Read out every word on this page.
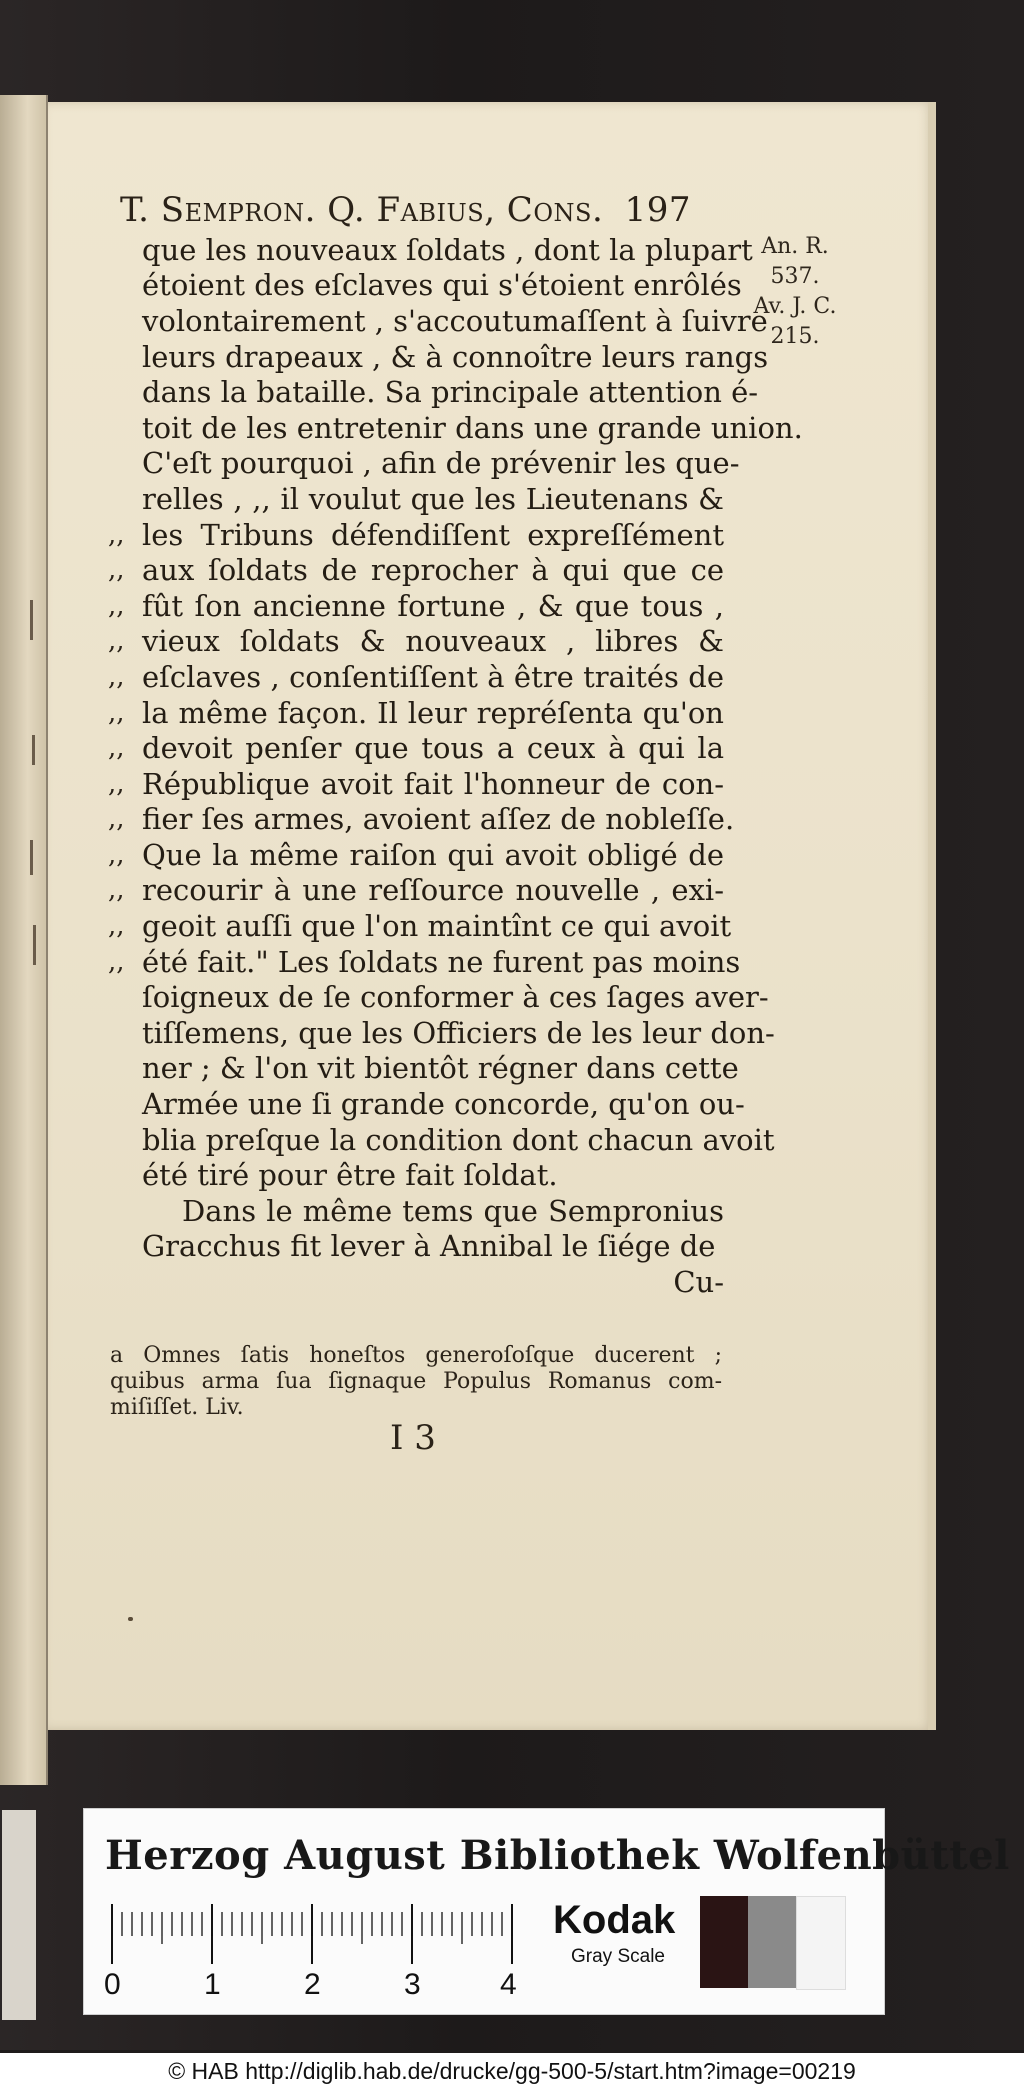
T. Sempron. Q. Fabius, Cons. 197
An. R.
537.
Av. J. C.
215.
que les nouveaux ſoldats , dont la plupart
étoient des eſclaves qui s'étoient enrôlés
volontairement , s'accoutumaſſent à ſuivre
leurs drapeaux , & à connoître leurs rangs
dans la bataille. Sa principale attention é-
toit de les entretenir dans une grande union.
C'eſt pourquoi , afin de prévenir les que-
relles , ,, il voulut que les Lieutenans &
,, les Tribuns défendiſſent expreſſément
,, aux ſoldats de reprocher à qui que ce
,, fût ſon ancienne fortune , & que tous ,
,, vieux ſoldats & nouveaux , libres &
,, eſclaves , conſentiſſent à être traités de
,, la même façon. Il leur repréſenta qu'on
,, devoit penſer que tous a ceux à qui la
,, République avoit fait l'honneur de con-
,, fier ſes armes, avoient aſſez de nobleſſe.
,, Que la même raiſon qui avoit obligé de
,, recourir à une reſſource nouvelle , exi-
,, geoit auſſi que l'on maintînt ce qui avoit
,, été fait." Les ſoldats ne furent pas moins
ſoigneux de ſe conformer à ces ſages aver-
tiſſemens, que les Officiers de les leur don-
ner ; & l'on vit bientôt régner dans cette
Armée une ſi grande concorde, qu'on ou-
blia preſque la condition dont chacun avoit
été tiré pour être fait ſoldat.
Dans le même tems que Sempronius
Gracchus fit lever à Annibal le ſiége de
Cu-
a Omnes ſatis honeſtos generoſoſque ducerent ;
quibus arma ſua ſignaque Populus Romanus com-
miſiſſet. Liv.
I 3
Herzog August Bibliothek Wolfenbüttel
0	1	2	3	4
Kodak
Gray Scale
© HAB http://diglib.hab.de/drucke/gg-500-5/start.htm?image=00219
